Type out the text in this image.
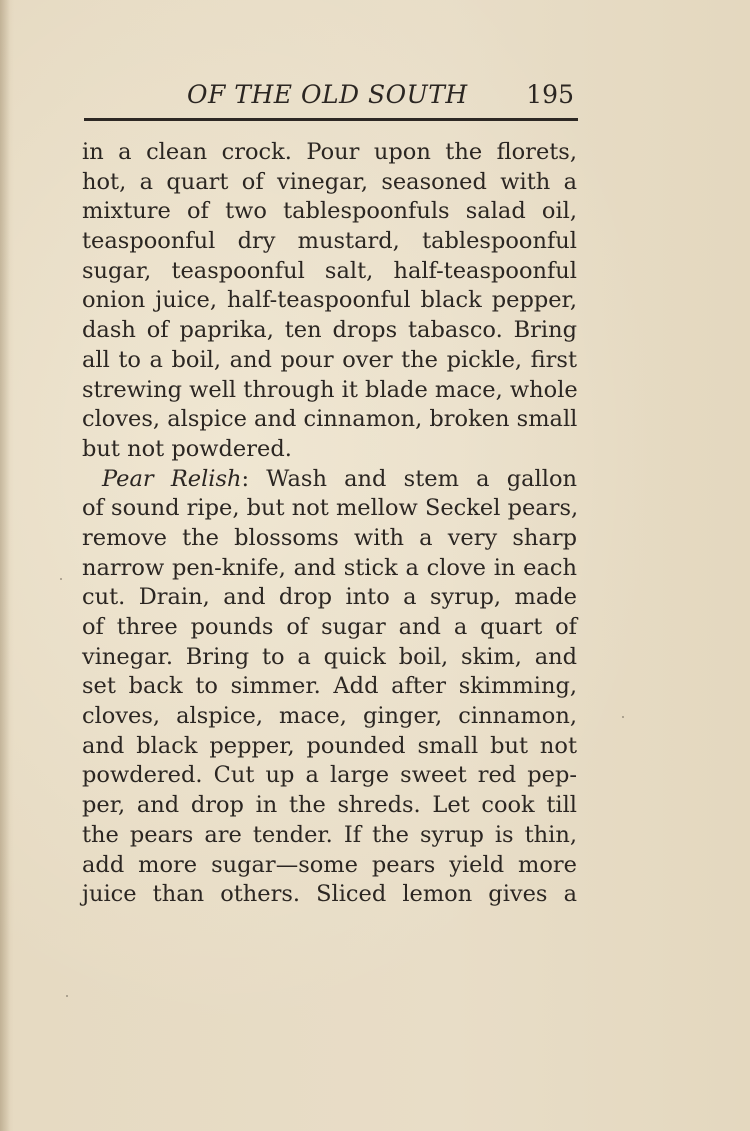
OF THE OLD SOUTH 195
in a clean crock. Pour upon the florets,
hot, a quart of vinegar, seasoned with a
mixture of two tablespoonfuls salad oil,
teaspoonful dry mustard, tablespoonful
sugar, teaspoonful salt, half-teaspoonful
onion juice, half-teaspoonful black pepper,
dash of paprika, ten drops tabasco. Bring
all to a boil, and pour over the pickle, first
strewing well through it blade mace, whole
cloves, alspice and cinnamon, broken small
but not powdered.
Pear Relish: Wash and stem a gallon
of sound ripe, but not mellow Seckel pears,
remove the blossoms with a very sharp
narrow pen-knife, and stick a clove in each
cut. Drain, and drop into a syrup, made
of three pounds of sugar and a quart of
vinegar. Bring to a quick boil, skim, and
set back to simmer. Add after skimming,
cloves, alspice, mace, ginger, cinnamon,
and black pepper, pounded small but not
powdered. Cut up a large sweet red pep-
per, and drop in the shreds. Let cook till
the pears are tender. If the syrup is thin,
add more sugar—some pears yield more
juice than others. Sliced lemon gives a
